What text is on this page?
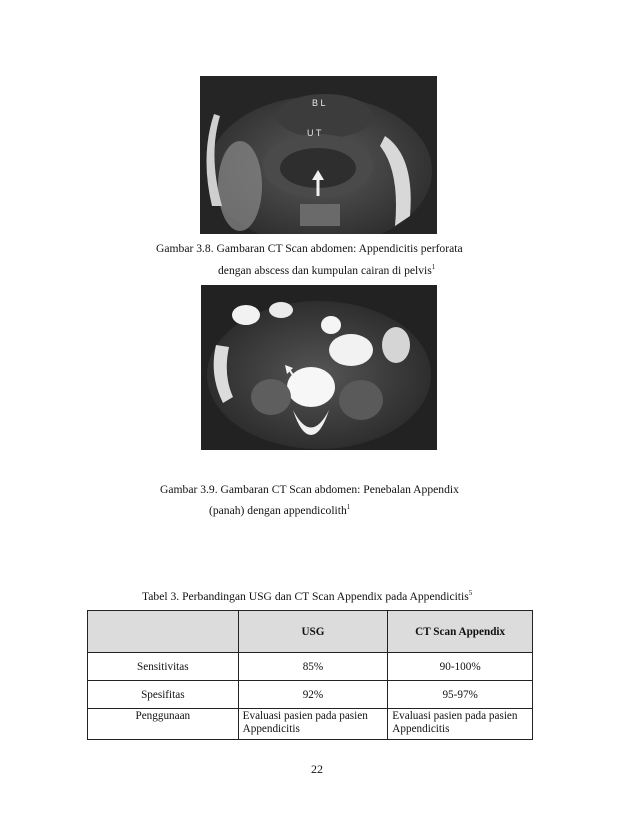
B L
U T
Gambar 3.8. Gambaran CT Scan abdomen: Appendicitis perforata
dengan abscess dan kumpulan cairan di pelvis$^1$
Gambar 3.9. Gambaran CT Scan abdomen: Penebalan Appendix
(panah) dengan appendicolith$^1$
Tabel 3. Perbandingan USG dan CT Scan Appendix pada Appendicitis$^5$
	USG	CT Scan Appendix
Sensitivitas	85%	90-100%
Spesifitas	92%	95-97%
Penggunaan	Evaluasi pasien pada pasien Appendicitis	Evaluasi pasien pada pasien Appendicitis
22
